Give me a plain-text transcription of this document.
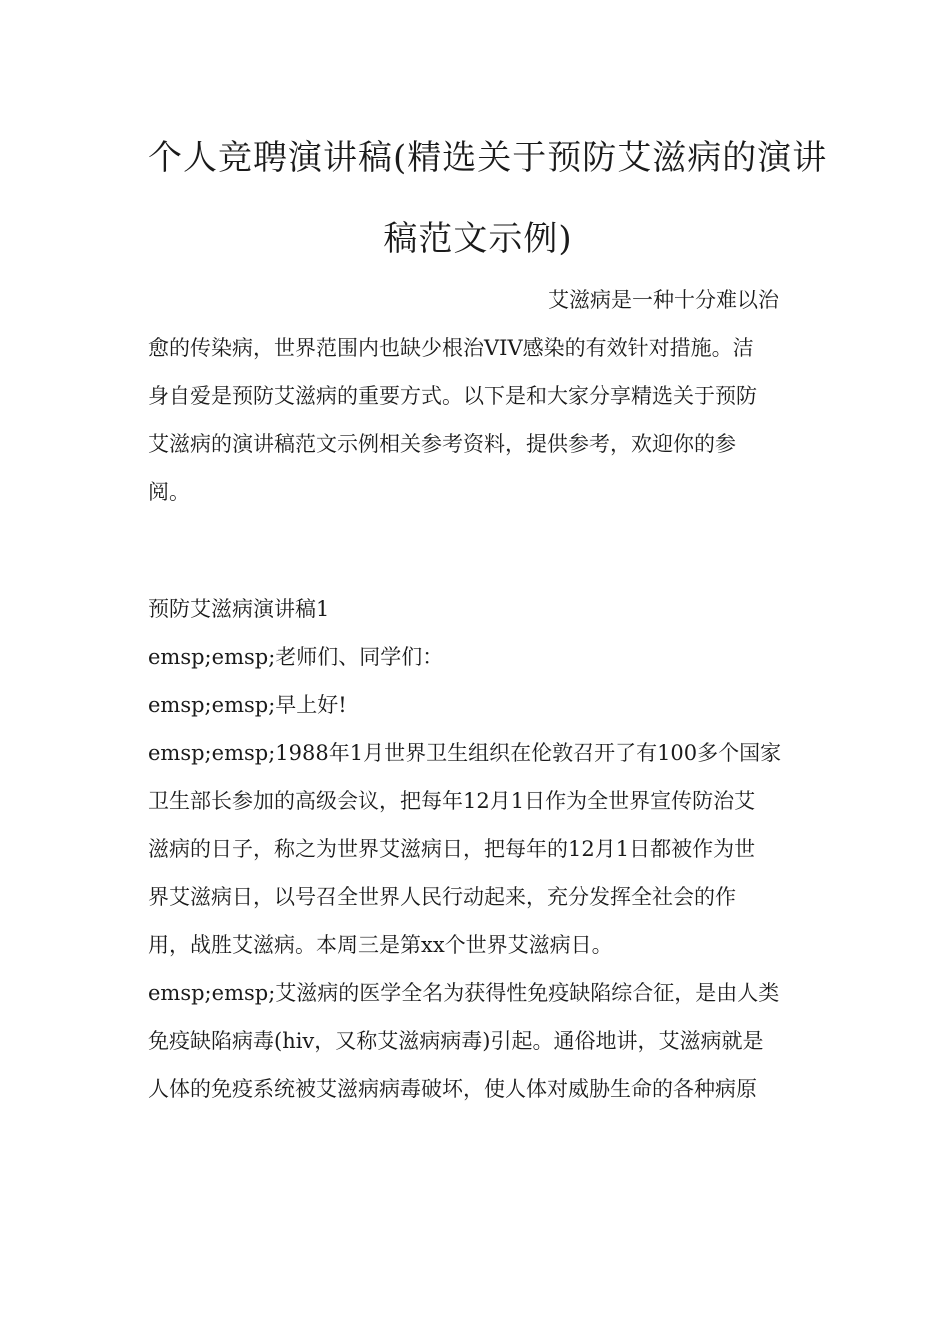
个人竞聘演讲稿(精选关于预防艾滋病的演讲
稿范文示例)
艾滋病是一种十分难以治
愈的传染病，世界范围内也缺少根治VIV感染的有效针对措施。洁
身自爱是预防艾滋病的重要方式。以下是和大家分享精选关于预防
艾滋病的演讲稿范文示例相关参考资料，提供参考，欢迎你的参
阅。

预防艾滋病演讲稿1

emsp;emsp;老师们、同学们：

emsp;emsp;早上好!

emsp;emsp;1988年1月世界卫生组织在伦敦召开了有100多个国家
卫生部长参加的高级会议，把每年12月1日作为全世界宣传防治艾
滋病的日子，称之为世界艾滋病日，把每年的12月1日都被作为世
界艾滋病日，以号召全世界人民行动起来，充分发挥全社会的作
用，战胜艾滋病。本周三是第xx个世界艾滋病日。

emsp;emsp;艾滋病的医学全名为获得性免疫缺陷综合征，是由人类
免疫缺陷病毒(hiv，又称艾滋病病毒)引起。通俗地讲，艾滋病就是
人体的免疫系统被艾滋病病毒破坏，使人体对威胁生命的各种病原
